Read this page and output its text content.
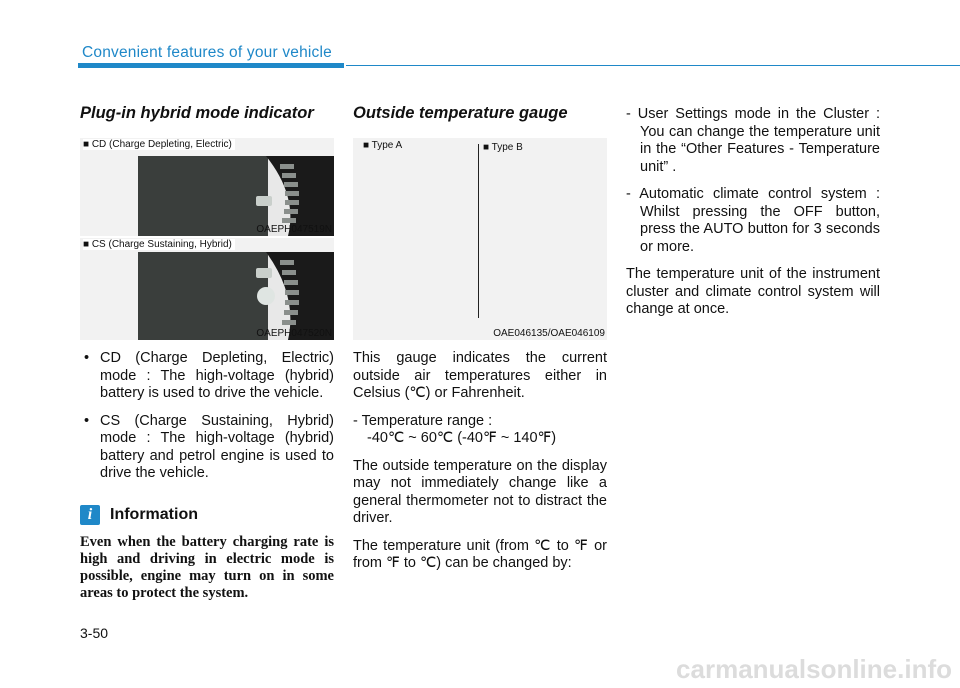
Convenient features of your vehicle
Plug-in hybrid mode indicator
■ CD (Charge Depleting, Electric)
OAEPH047519N
■ CS (Charge Sustaining, Hybrid)
OAEPH047520N
• CD (Charge Depleting, Electric) mode : The high-voltage (hybrid) battery is used to drive the vehicle.
• CS (Charge Sustaining, Hybrid) mode : The high-voltage (hybrid) battery and petrol engine is used to drive the vehicle.
i	Information
Even when the battery charging rate is high and driving in electric mode is possible, engine may turn on in some areas to protect the system.
Outside temperature gauge
■ Type A	■ Type B
OAE046135/OAE046109
This gauge indicates the current outside air temperatures either in Celsius (℃) or Fahrenheit.
- Temperature range :
-40℃ ~ 60℃ (-40℉ ~ 140℉)
The outside temperature on the display may not immediately change like a general thermometer not to distract the driver.
The temperature unit (from ℃ to ℉ or from ℉ to ℃) can be changed by:
- User Settings mode in the Cluster : You can change the temperature unit in the “Other Features - Temperature unit” .
- Automatic climate control system : Whilst pressing the OFF button, press the AUTO button for 3 seconds or more.
The temperature unit of the instrument cluster and climate control system will change at once.
3-50
carmanualsonline.info
